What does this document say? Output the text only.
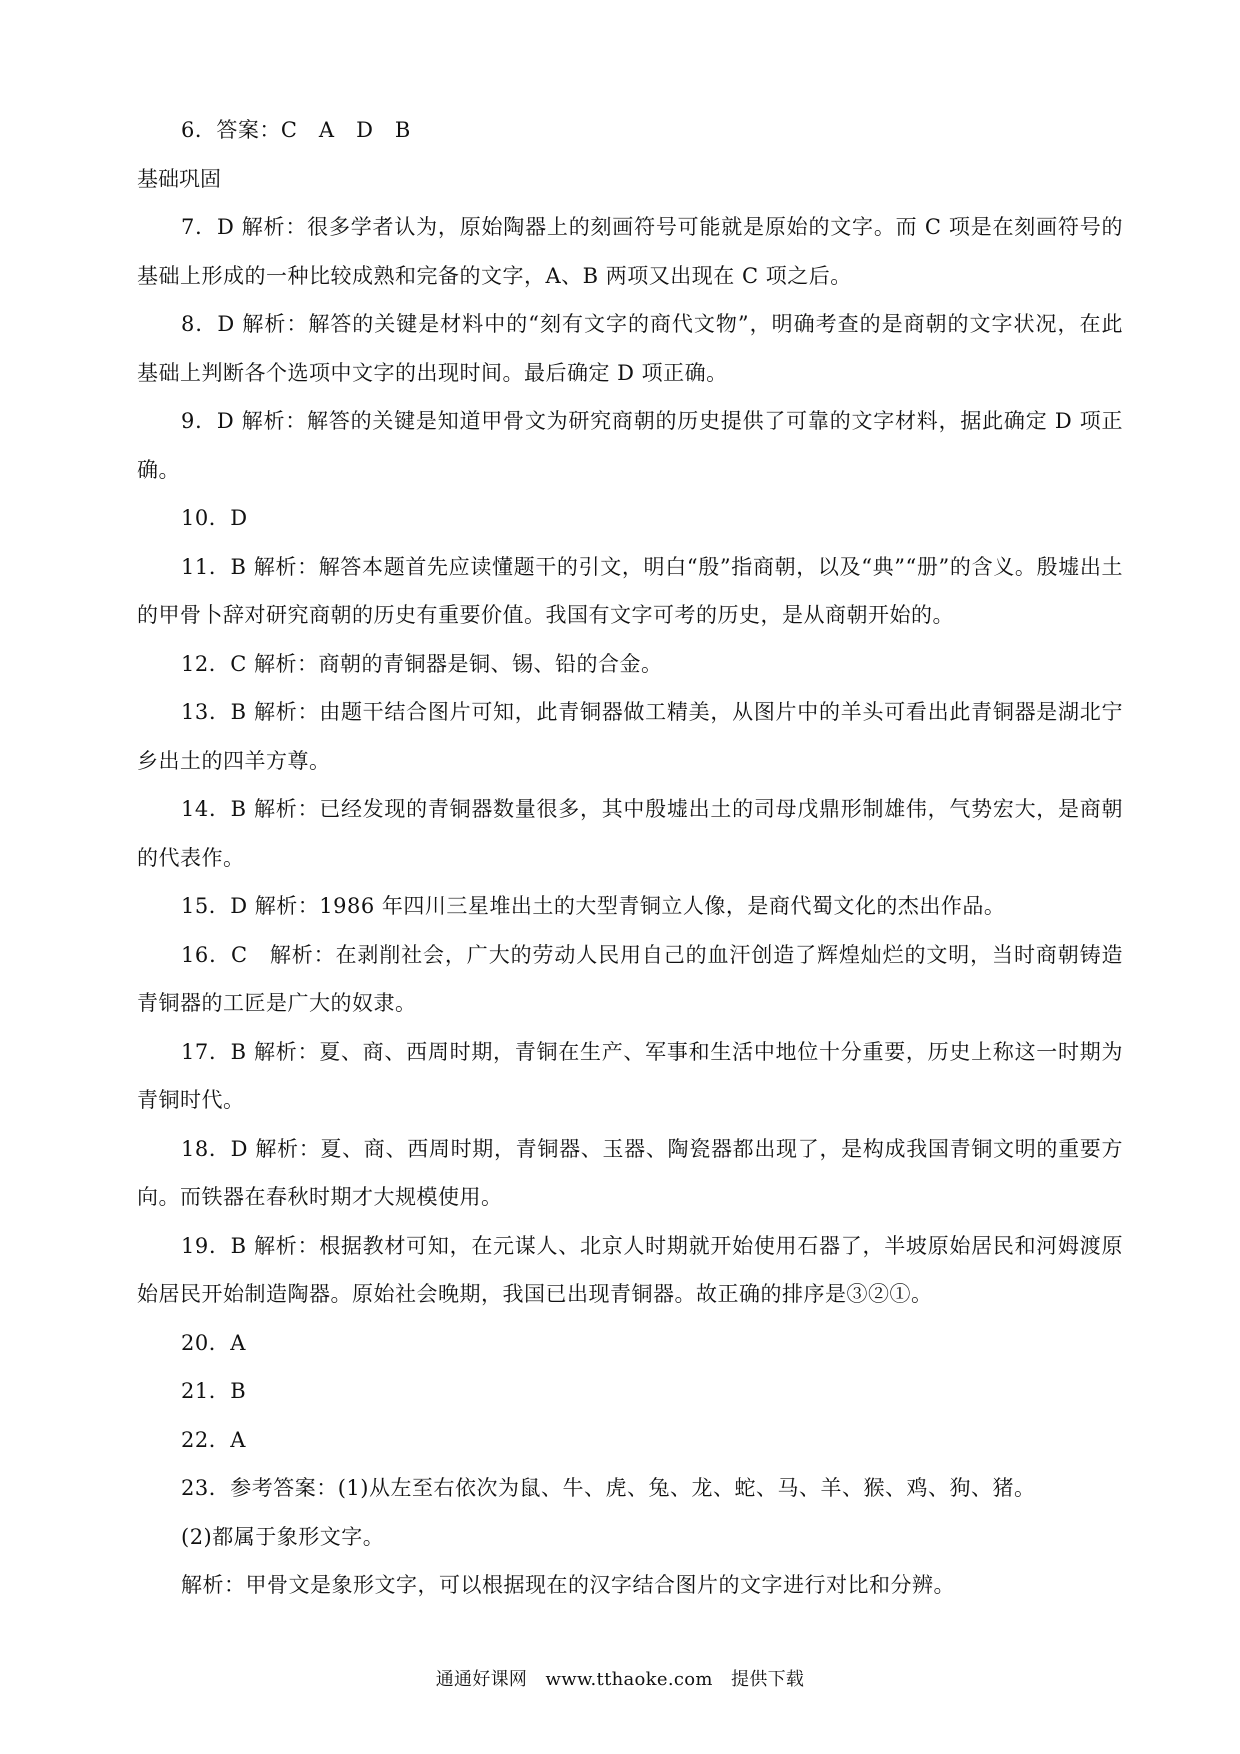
6．答案：C　A　D　B

基础巩固

7．D 解析：很多学者认为，原始陶器上的刻画符号可能就是原始的文字。而 C 项是在刻画符号的基础上形成的一种比较成熟和完备的文字，A、B 两项又出现在 C 项之后。

8．D 解析：解答的关键是材料中的“刻有文字的商代文物”，明确考查的是商朝的文字状况，在此基础上判断各个选项中文字的出现时间。最后确定 D 项正确。

9．D 解析：解答的关键是知道甲骨文为研究商朝的历史提供了可靠的文字材料，据此确定 D 项正确。

10．D

11．B 解析：解答本题首先应读懂题干的引文，明白“殷”指商朝，以及“典”“册”的含义。殷墟出土的甲骨卜辞对研究商朝的历史有重要价值。我国有文字可考的历史，是从商朝开始的。

12．C 解析：商朝的青铜器是铜、锡、铅的合金。

13．B 解析：由题干结合图片可知，此青铜器做工精美，从图片中的羊头可看出此青铜器是湖北宁乡出土的四羊方尊。

14．B 解析：已经发现的青铜器数量很多，其中殷墟出土的司母戊鼎形制雄伟，气势宏大，是商朝的代表作。

15．D 解析：1986 年四川三星堆出土的大型青铜立人像，是商代蜀文化的杰出作品。

16．C　解析：在剥削社会，广大的劳动人民用自己的血汗创造了辉煌灿烂的文明，当时商朝铸造青铜器的工匠是广大的奴隶。

17．B 解析：夏、商、西周时期，青铜在生产、军事和生活中地位十分重要，历史上称这一时期为青铜时代。

18．D 解析：夏、商、西周时期，青铜器、玉器、陶瓷器都出现了，是构成我国青铜文明的重要方向。而铁器在春秋时期才大规模使用。

19．B 解析：根据教材可知，在元谋人、北京人时期就开始使用石器了，半坡原始居民和河姆渡原始居民开始制造陶器。原始社会晚期，我国已出现青铜器。故正确的排序是③②①。

20．A

21．B

22．A

23．参考答案：(1)从左至右依次为鼠、牛、虎、兔、龙、蛇、马、羊、猴、鸡、狗、猪。

(2)都属于象形文字。

解析：甲骨文是象形文字，可以根据现在的汉字结合图片的文字进行对比和分辨。

通通好课网　www.tthaoke.com　提供下载
